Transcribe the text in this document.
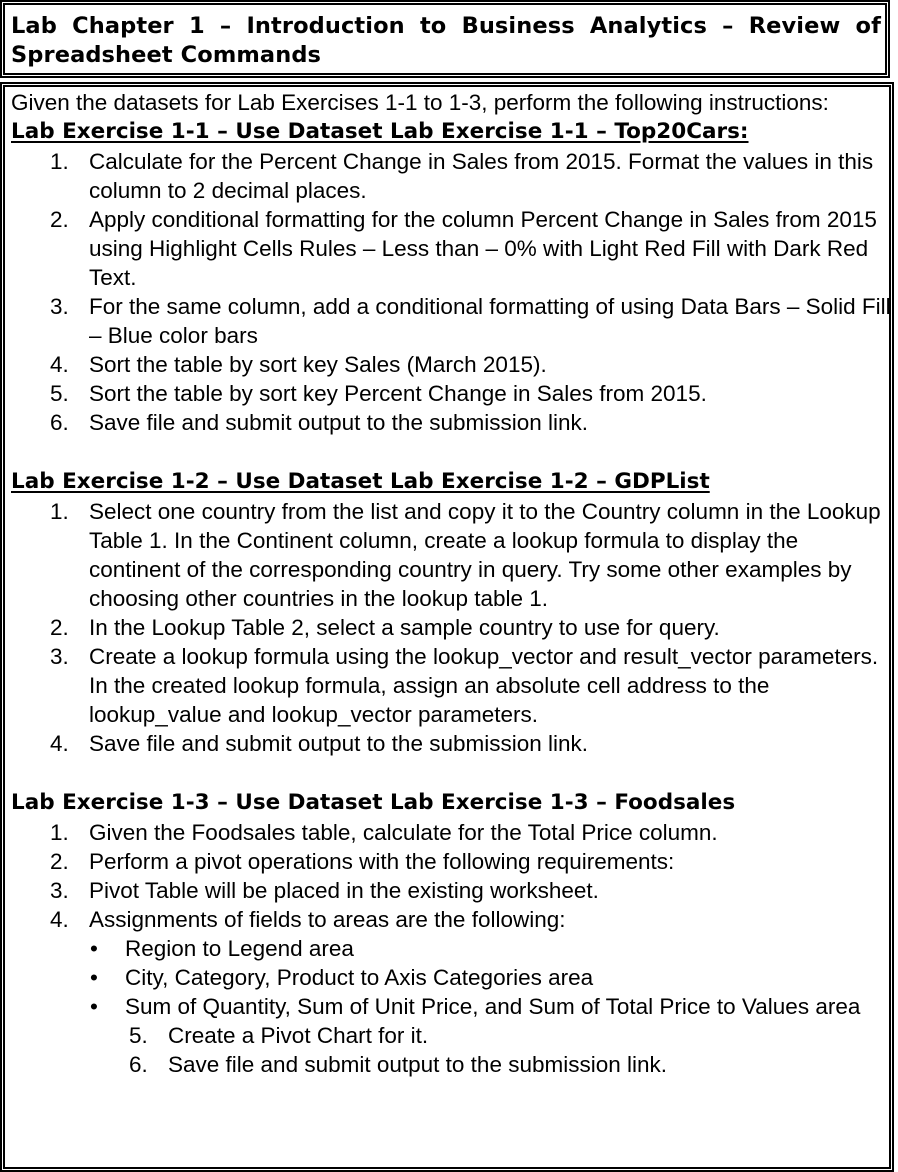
Lab Chapter 1 – Introduction to Business Analytics – Review of Spreadsheet Commands

Given the datasets for Lab Exercises 1-1 to 1-3, perform the following instructions:

Lab Exercise 1-1 – Use Dataset Lab Exercise 1-1 – Top20Cars:

1. Calculate for the Percent Change in Sales from 2015. Format the values in this column to 2 decimal places.
2. Apply conditional formatting for the column Percent Change in Sales from 2015 using Highlight Cells Rules – Less than – 0% with Light Red Fill with Dark Red Text.
3. For the same column, add a conditional formatting of using Data Bars – Solid Fill – Blue color bars
4. Sort the table by sort key Sales (March 2015).
5. Sort the table by sort key Percent Change in Sales from 2015.
6. Save file and submit output to the submission link.

Lab Exercise 1-2 – Use Dataset Lab Exercise 1-2 – GDPList

1. Select one country from the list and copy it to the Country column in the Lookup Table 1. In the Continent column, create a lookup formula to display the continent of the corresponding country in query. Try some other examples by choosing other countries in the lookup table 1.
2. In the Lookup Table 2, select a sample country to use for query.
3. Create a lookup formula using the lookup_vector and result_vector parameters. In the created lookup formula, assign an absolute cell address to the lookup_value and lookup_vector parameters.
4. Save file and submit output to the submission link.

Lab Exercise 1-3 – Use Dataset Lab Exercise 1-3 – Foodsales

1. Given the Foodsales table, calculate for the Total Price column.
2. Perform a pivot operations with the following requirements:
3. Pivot Table will be placed in the existing worksheet.
4. Assignments of fields to areas are the following:
• Region to Legend area
• City, Category, Product to Axis Categories area
• Sum of Quantity, Sum of Unit Price, and Sum of Total Price to Values area
5. Create a Pivot Chart for it.
6. Save file and submit output to the submission link.
